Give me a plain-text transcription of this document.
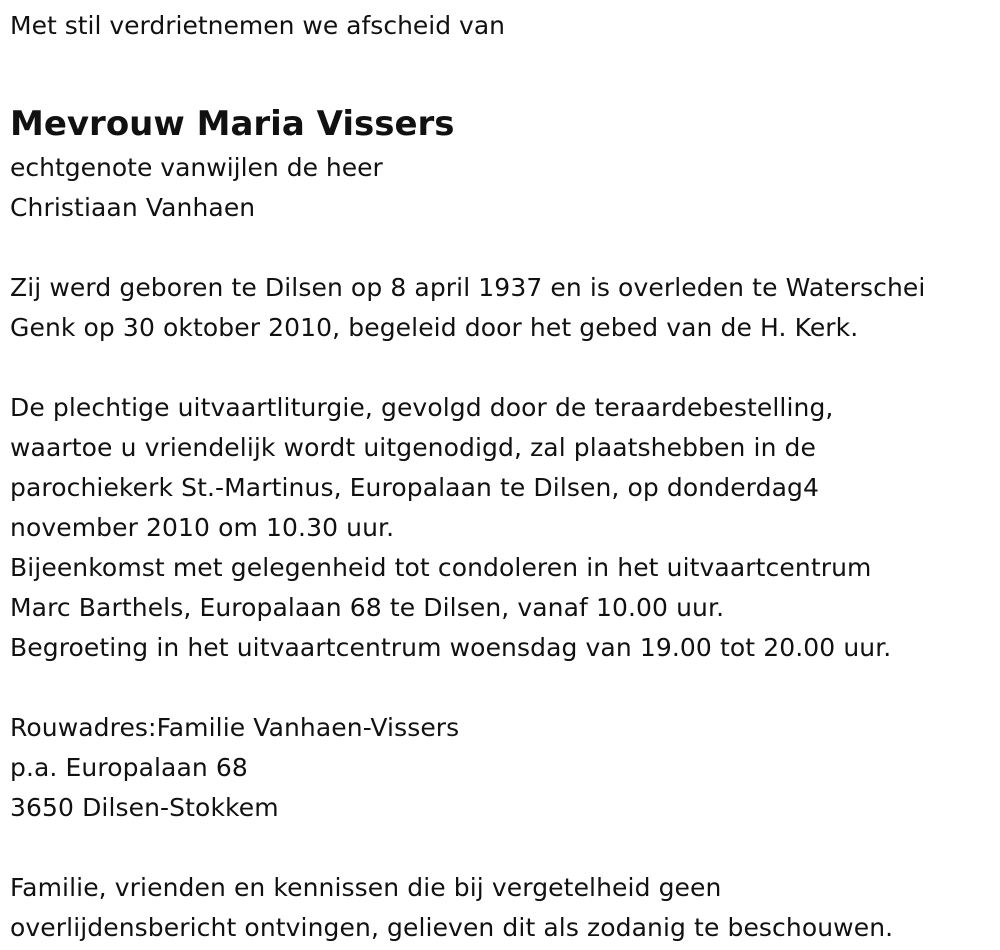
Met stil verdrietnemen we afscheid van
Mevrouw Maria Vissers
echtgenote vanwijlen de heer
Christiaan Vanhaen
Zij werd geboren te Dilsen op 8 april 1937 en is overleden te Waterschei
Genk op 30 oktober 2010, begeleid door het gebed van de H. Kerk.
De plechtige uitvaartliturgie, gevolgd door de teraardebestelling,
waartoe u vriendelijk wordt uitgenodigd, zal plaatshebben in de
parochiekerk St.-Martinus, Europalaan te Dilsen, op donderdag4
november 2010 om 10.30 uur.
Bijeenkomst met gelegenheid tot condoleren in het uitvaartcentrum
Marc Barthels, Europalaan 68 te Dilsen, vanaf 10.00 uur.
Begroeting in het uitvaartcentrum woensdag van 19.00 tot 20.00 uur.
Rouwadres:Familie Vanhaen-Vissers
p.a. Europalaan 68
3650 Dilsen-Stokkem
Familie, vrienden en kennissen die bij vergetelheid geen
overlijdensbericht ontvingen, gelieven dit als zodanig te beschouwen.
